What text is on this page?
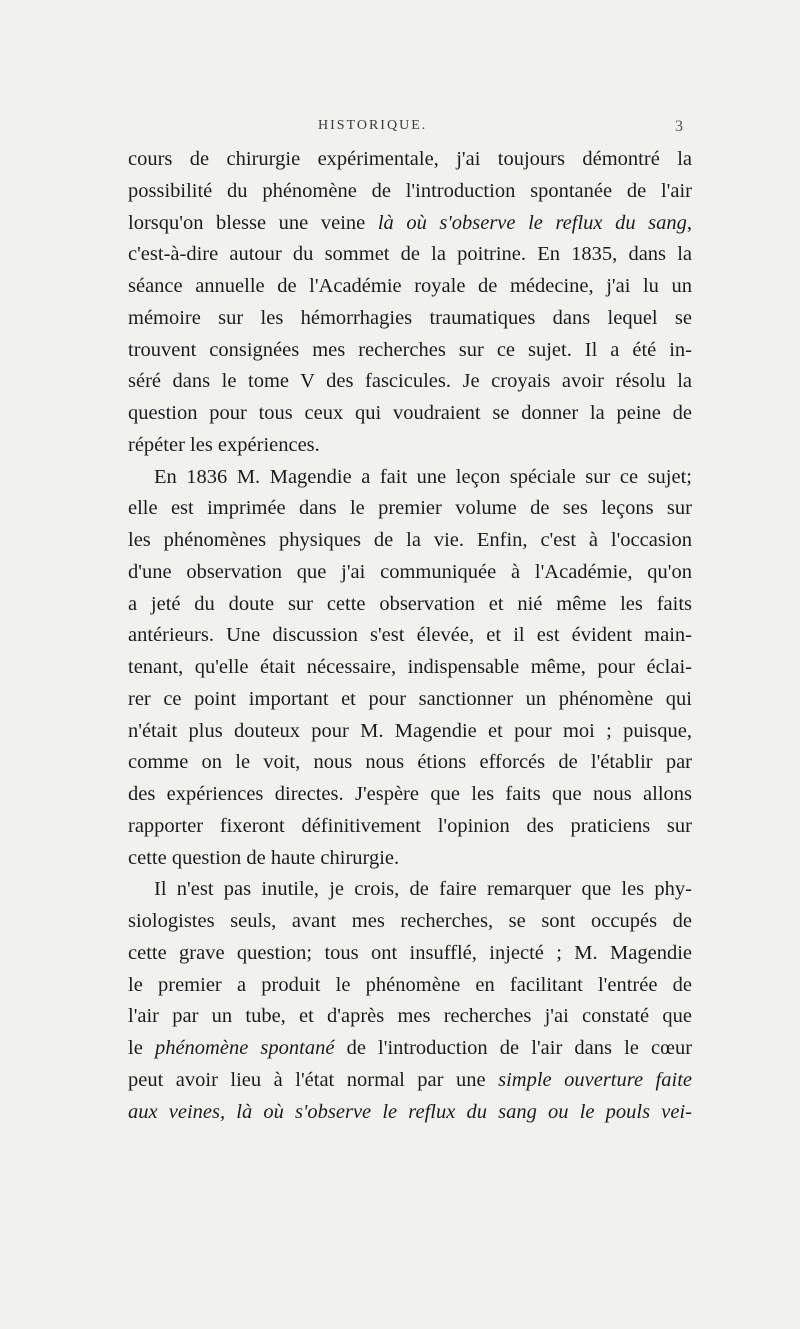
HISTORIQUE.	3
cours de chirurgie expérimentale, j'ai toujours démontré la
possibilité du phénomène de l'introduction spontanée de l'air
lorsqu'on blesse une veine là où s'observe le reflux du sang,
c'est-à-dire autour du sommet de la poitrine. En 1835, dans la
séance annuelle de l'Académie royale de médecine, j'ai lu un
mémoire sur les hémorrhagies traumatiques dans lequel se
trouvent consignées mes recherches sur ce sujet. Il a été in-
séré dans le tome V des fascicules. Je croyais avoir résolu la
question pour tous ceux qui voudraient se donner la peine de
répéter les expériences.
En 1836 M. Magendie a fait une leçon spéciale sur ce sujet;
elle est imprimée dans le premier volume de ses leçons sur
les phénomènes physiques de la vie. Enfin, c'est à l'occasion
d'une observation que j'ai communiquée à l'Académie, qu'on
a jeté du doute sur cette observation et nié même les faits
antérieurs. Une discussion s'est élevée, et il est évident main-
tenant, qu'elle était nécessaire, indispensable même, pour éclai-
rer ce point important et pour sanctionner un phénomène qui
n'était plus douteux pour M. Magendie et pour moi ; puisque,
comme on le voit, nous nous étions efforcés de l'établir par
des expériences directes. J'espère que les faits que nous allons
rapporter fixeront définitivement l'opinion des praticiens sur
cette question de haute chirurgie.
Il n'est pas inutile, je crois, de faire remarquer que les phy-
siologistes seuls, avant mes recherches, se sont occupés de
cette grave question; tous ont insufflé, injecté ; M. Magendie
le premier a produit le phénomène en facilitant l'entrée de
l'air par un tube, et d'après mes recherches j'ai constaté que
le phénomène spontané de l'introduction de l'air dans le cœur
peut avoir lieu à l'état normal par une simple ouverture faite
aux veines, là où s'observe le reflux du sang ou le pouls vei-
